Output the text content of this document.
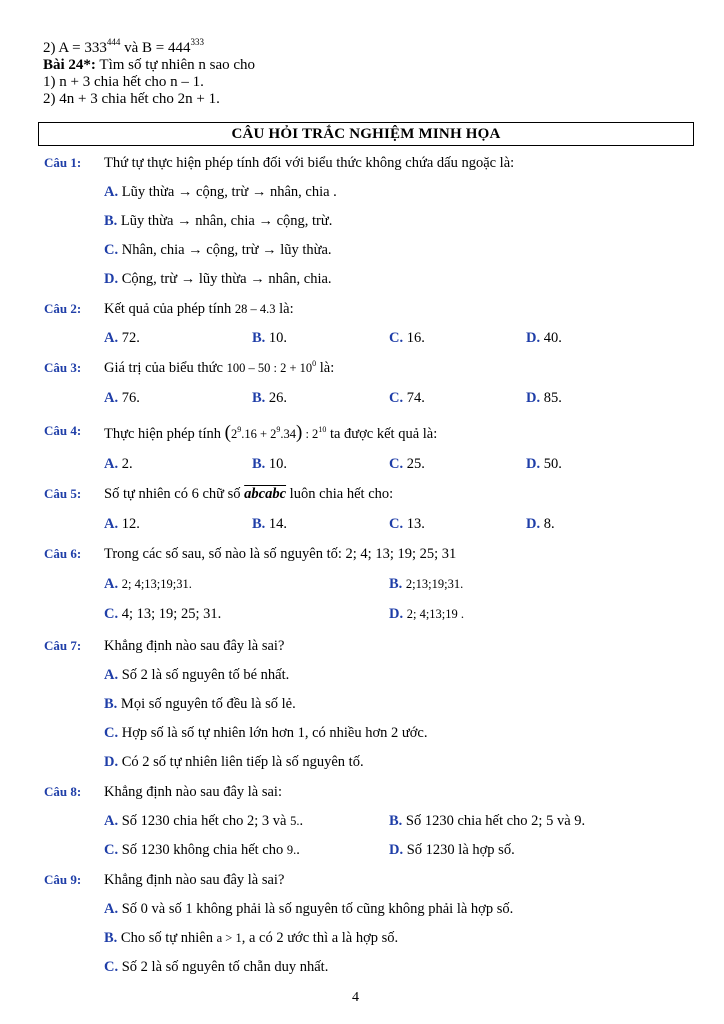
2) $A = 333^{444}$ và $B = 444^{333}$
Bài 24*: Tìm số tự nhiên n sao cho
1) n + 3 chia hết cho n – 1.
2) 4n + 3 chia hết cho 2n + 1.
CÂU HỎI TRẮC NGHIỆM MINH HỌA
Câu 1:	Thứ tự thực hiện phép tính đối với biểu thức không chứa dấu ngoặc là:
A. Lũy thừa → cộng, trừ → nhân, chia .
B. Lũy thừa → nhân, chia → cộng, trừ.
C. Nhân, chia → cộng, trừ → lũy thừa.
D. Cộng, trừ → lũy thừa → nhân, chia.
Câu 2:	Kết quả của phép tính 28 – 4.3 là:
A. 72.	B. 10.	C. 16.	D. 40.
Câu 3:	Giá trị của biểu thức 100 – 50 : $2 + 10^0$ là:
A. 76.	B. 26.	C. 74.	D. 85.
Câu 4:	Thực hiện phép tính $(2^9.16 + 2^9.34)$ : $2^{10}$ ta được kết quả là:
A. 2.	B. 10.	C. 25.	D. 50.
Câu 5:	Số tự nhiên có 6 chữ số abcabc luôn chia hết cho:
A. 12.	B. 14.	C. 13.	D. 8.
Câu 6:	Trong các số sau, số nào là số nguyên tố: 2; 4; 13; 19; 25; 31
A. 2; 4;13;19;31.	B. 2;13;19;31.
C. 4; 13; 19; 25; 31.	D. 2; 4;13;19 .
Câu 7:	Khẳng định nào sau đây là sai?
A. Số 2 là số nguyên tố bé nhất.
B. Mọi số nguyên tố đều là số lẻ.
C. Hợp số là số tự nhiên lớn hơn 1, có nhiều hơn 2 ước.
D. Có 2 số tự nhiên liên tiếp là số nguyên tố.
Câu 8:	Khẳng định nào sau đây là sai:
A. Số 1230 chia hết cho 2; 3 và 5..	B. Số 1230 chia hết cho 2; 5 và 9.
C. Số 1230 không chia hết cho 9..	D. Số 1230 là hợp số.
Câu 9:	Khẳng định nào sau đây là sai?
A. Số 0 và số 1 không phải là số nguyên tố cũng không phải là hợp số.
B. Cho số tự nhiên a > 1, a có 2 ước thì a là hợp số.
C. Số 2 là số nguyên tố chẵn duy nhất.
4
